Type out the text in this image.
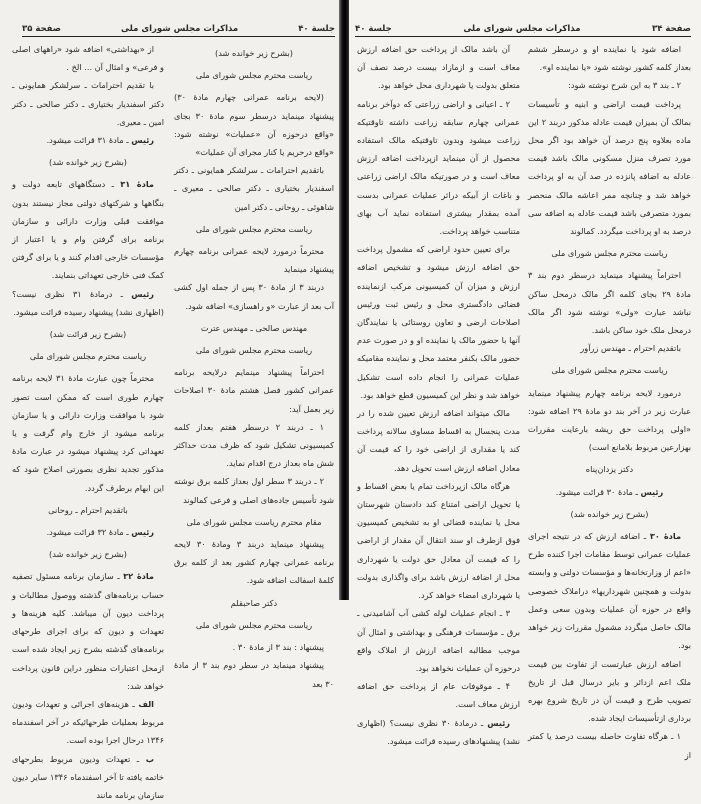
صفحة ۳۵	مذاکرات مجلس شورای ملی	جلسة ۴۰

(بشرح زیر خوانده شد)

ریاست محترم مجلس شورای ملی

(لایحه برنامه عمرانی چهارم مادهٔ ۳۰) پیشنهاد مینماید درسطر سوم مادهٔ ۳۰ بجای «واقع درحوزه آن «عملیات» نوشته شود: «واقع درحریم یا کنار مجرای آن عملیات»

باتقدیم احترامات ـ سرلشکر همایونی ـ دکتر اسفندیار بختیاری ـ دکتر صالحی ـ معیری ـ شاهوئی ـ روحانی ـ دکتر امین

ریاست محترم مجلس شورای ملی

محترماً درمورد لایحه عمرانی برنامه چهارم پیشنهاد مینماید

دربند ۳ از مادهٔ ۳۰ پس از جمله اول کشی آب بعد از عبارت «و راهسازی» اضافه شود.

مهندس صالحی ـ مهندس عترت

ریاست محترم مجلس شورای ملی

احتراماً پیشنهاد مینمایم درلایحه برنامه عمرانی کشور فصل هشتم مادهٔ ۳۰ اصلاحات زیر بعمل آید:

۱ ـ دربند ۲ درسطر هفتم بعداز کلمه کمیسیونی تشکیل شود که ظرف مدت حداکثر شش ماه بعداز درج اقدام نماید.

۲ ـ دربند ۳ سطر اول بعداز کلمه برق نوشته شود تأسیس جاده‌های اصلی و فرعی کمالوند

مقام محترم ریاست مجلس شورای ملی

پیشنهاد مینماید دربند ۳ ومادهٔ ۳۰ لایحه برنامه عمرانی چهارم کشور بعد از کلمه برق کلمهٔ اسفالت اضافه شود.

دکتر صاحبقلم

ریاست محترم مجلس شورای ملی

پیشنهاد : بند ۳ از مادهٔ ۳۰ .

پیشنهاد مینماید در سطر دوم بند ۳ از مادهٔ ۳۰ بعد

از «بهداشتی» اضافه شود «راههای اصلی و فرعی» و امثال آن ... الخ .

با تقدیم احترامات ـ سرلشکر همایونی ـ دکتر اسفندیار بختیاری ـ دکتر صالحی ـ دکتر امین ـ معیری.

رئیس ـ مادهٔ ۳۱ قرائت میشود.

(بشرح زیر خوانده شد)

مادهٔ ۳۱ ـ دستگاههای تابعه دولت و بنگاهها و شرکتهای دولتی مجاز نیستند بدون موافقت قبلی وزارت دارائی و سازمان برنامه برای گرفتن وام و یا اعتبار از مؤسسات خارجی اقدام کنند و یا برای گرفتن کمک فنی خارجی تعهداتی بنمایند.

رئیس ـ درمادهٔ ۳۱ نظری نیست؟ (اظهاری نشد) پیشنهاد رسیده قرائت میشود.

(بشرح زیر قرائت شد)

ریاست محترم مجلس شورای ملی

محترماً چون عبارت مادهٔ ۳۱ لایحه برنامه چهارم طوری است که ممکن است تصور شود با موافقت وزارت دارائی و یا سازمان برنامه میشود از خارج وام گرفت و یا تعهداتی کرد پیشنهاد میشود در عبارت مادهٔ مذکور تجدید نظری بصورتی اصلاح شود که این ابهام برطرف گردد.

باتقدیم احترام ـ روحانی

رئیس ـ مادهٔ ۳۲ قرائت میشود.

(بشرح زیر خوانده شد)

مادهٔ ۳۲ ـ سازمان برنامه مسئول تصفیه حساب برنامه‌های گذشته ووصول مطالبات و پرداخت دیون آن میباشد. کلیه هزینه‌ها و تعهدات و دیون که برای اجرای طرحهای برنامه‌های گذشته بشرح زیر ایجاد شده است ازمحل اعتبارات منظور دراین قانون پرداخت خواهد شد:

الف ـ هزینه‌های اجرائی و تعهدات ودیون مربوط بعملیات طرحهائیکه در آخر اسفندماه ۱۳۴۶ درحال اجرا بوده است.

ب ـ تعهدات ودیون مربوط بطرحهای خاتمه یافته تا آخر اسفندماه ۱۳۴۶ سایر دیون سازمان برنامه مانند

جلسة ۴۰	مذاکرات مجلس شورای ملی	صفحة ۳۴

اضافه شود یا نماینده او و درسطر ششم بعداز کلمه کشور نوشته شود «یا نماینده او».

۲ ـ بند ۳ به این شرح نوشته شود:

پرداخت قیمت اراضی و ابنیه و تأسیسات بمالک آن بمیزان قیمت عادله مذکور دربند ۲ این ماده بعلاوه پنج درصد آن خواهد بود اگر محل مورد تصرف منزل مسکونی مالک باشد قیمت عادله به اضافه پانزده در صد آن به او پرداخت خواهد شد و چنانچه ممر اعاشه مالک منحصر بمورد متصرفی باشد قیمت عادله به اضافه سی درصد به او پرداخت میگردد. کمالوند

ریاست محترم مجلس شورای ملی

احتراماً پیشنهاد مینماید درسطر دوم بند ۳ مادهٔ ۲۹ بجای کلمه اگر مالک درمحل ساکن نباشد عبارت «ولی» نوشته شود اگر مالک درمحل ملک خود ساکن باشد.

باتقدیم احترام ـ مهندس زرآور

ریاست محترم مجلس شورای ملی

درمورد لایحه برنامه چهارم پیشنهاد مینماید عبارت زیر در آخر بند دو مادهٔ ۲۹ اضافه شود: «اولی پرداخت حق ریشه بارعایت مقررات بهزارعین مربوط بلامانع است)

دکتر یزدان‌پناه

رئیس ـ مادهٔ ۳۰ قرائت میشود.

(بشرح زیر خوانده شد)

مادهٔ ۳۰ ـ اضافه ارزش که در نتیجه اجرای عملیات عمرانی توسط مقامات اجرا کننده طرح «اعم از وزارتخانه‌ها و مؤسسات دولتی و وابسته بدولت و همچنین شهرداریها» دراملاک خصوصی واقع در حوزه آن عملیات وبدون سعی وعمل مالک حاصل میگردد مشمول مقررات زیر خواهد بود.

اضافه ارزش عبارتست از تفاوت بین قیمت ملک اعم ازدائر و بایر درسال قبل از تاریخ تصویب طرح و قیمت آن در تاریخ شروع بهره برداری ازتأسیسات ایجاد شده.

۱ ـ هرگاه تفاوت حاصله بیست درصد یا کمتر از

آن باشد مالک از پرداخت حق اضافه ارزش معاف است و ازمازاد بیست درصد نصف آن متعلق بدولت یا شهرداری محل خواهد بود.

۲ ـ اعیانی و اراضی زراعتی که دوآخر برنامه عمرانی چهارم سابقه زراعت داشته تاوقتیکه زراعت میشود وبدون تاوقتیکه مالک استفاده محصول از آن مینماید ازپرداخت اضافه ارزش معاف است و در صورتیکه مالک اراضی زراعتی و باغات از آبیکه دراثر عملیات عمرانی بدست آمده بمقدار بیشتری استفاده نماید آب بهای متناسب خواهد پرداخت.

برای تعیین حدود اراضی که مشمول پرداخت حق اضافه ارزش میشود و تشخیص اضافه ارزش و میزان آن کمیسیونی مرکب ازنماینده قضائی دادگستری محل و رئیس ثبت ورئیس اصلاحات ارضی و تعاون روستائی یا نمایندگان آنها با حضور مالک یا نماینده او و در صورت عدم حضور مالک بکنفر معتمد محل و نماینده مقامیکه عملیات عمرانی را انجام داده است تشکیل خواهد شد و نظر این کمیسیون قطع خواهد بود.

مالک میتواند اضافه ارزش تعیین شده را در مدت پنجسال به اقساط مساوی سالانه پرداخت کند یا مقداری از اراضی خود را که قیمت آن معادل اضافه ارزش است تحویل دهد.

هرگاه مالک ازپرداخت تمام یا بعض اقساط و یا تحویل اراضی امتناع کند دادستان شهرستان محل یا نماینده قضائی او به تشخیص کمیسیون فوق ازطرف او سند انتقال آن مقدار از اراضی را که قیمت آن معادل حق دولت یا شهرداری محل از اضافه ارزش باشد برای واگذاری بدولت یا شهرداری امضاء خواهد کرد.

۳ ـ انجام عملیات لوله کشی آب آشامیدنی ـ برق ـ مؤسسات فرهنگی و بهداشتی و امثال آن موجب مطالبه اضافه ارزش از املاک واقع درحوزه آن عملیات نخواهد بود.

۴ ـ موقوفات عام از پرداخت حق اضافه ارزش معاف است.

رئیس ـ درمادهٔ ۳۰ نظری نیست؟ (اظهاری نشد) پیشنهادهای رسیده قرائت میشود.
